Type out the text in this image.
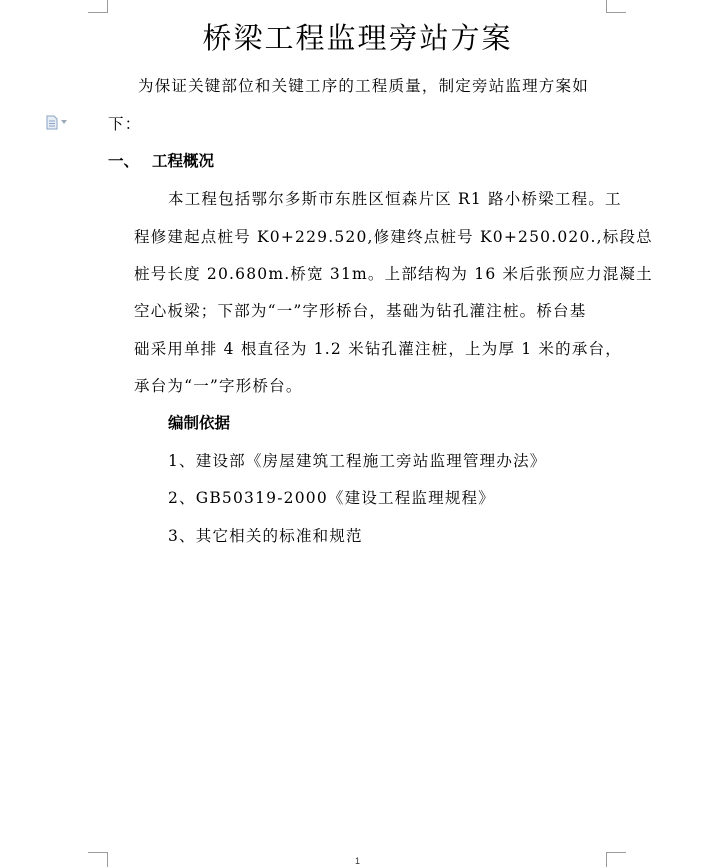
桥梁工程监理旁站方案
为保证关键部位和关键工序的工程质量，制定旁站监理方案如
下：
一、 工程概况
本工程包括鄂尔多斯市东胜区恒森片区 R1 路小桥梁工程。工
程修建起点桩号 K0+229.520,修建终点桩号 K0+250.020.,标段总
桩号长度 20.680m.桥宽 31m。上部结构为 16 米后张预应力混凝土
空心板梁；下部为“一”字形桥台，基础为钻孔灌注桩。桥台基
础采用单排 4 根直径为 1.2 米钻孔灌注桩，上为厚 1 米的承台，
承台为“一”字形桥台。
编制依据
1、建设部《房屋建筑工程施工旁站监理管理办法》
2、GB50319-2000《建设工程监理规程》
3、其它相关的标准和规范
1
